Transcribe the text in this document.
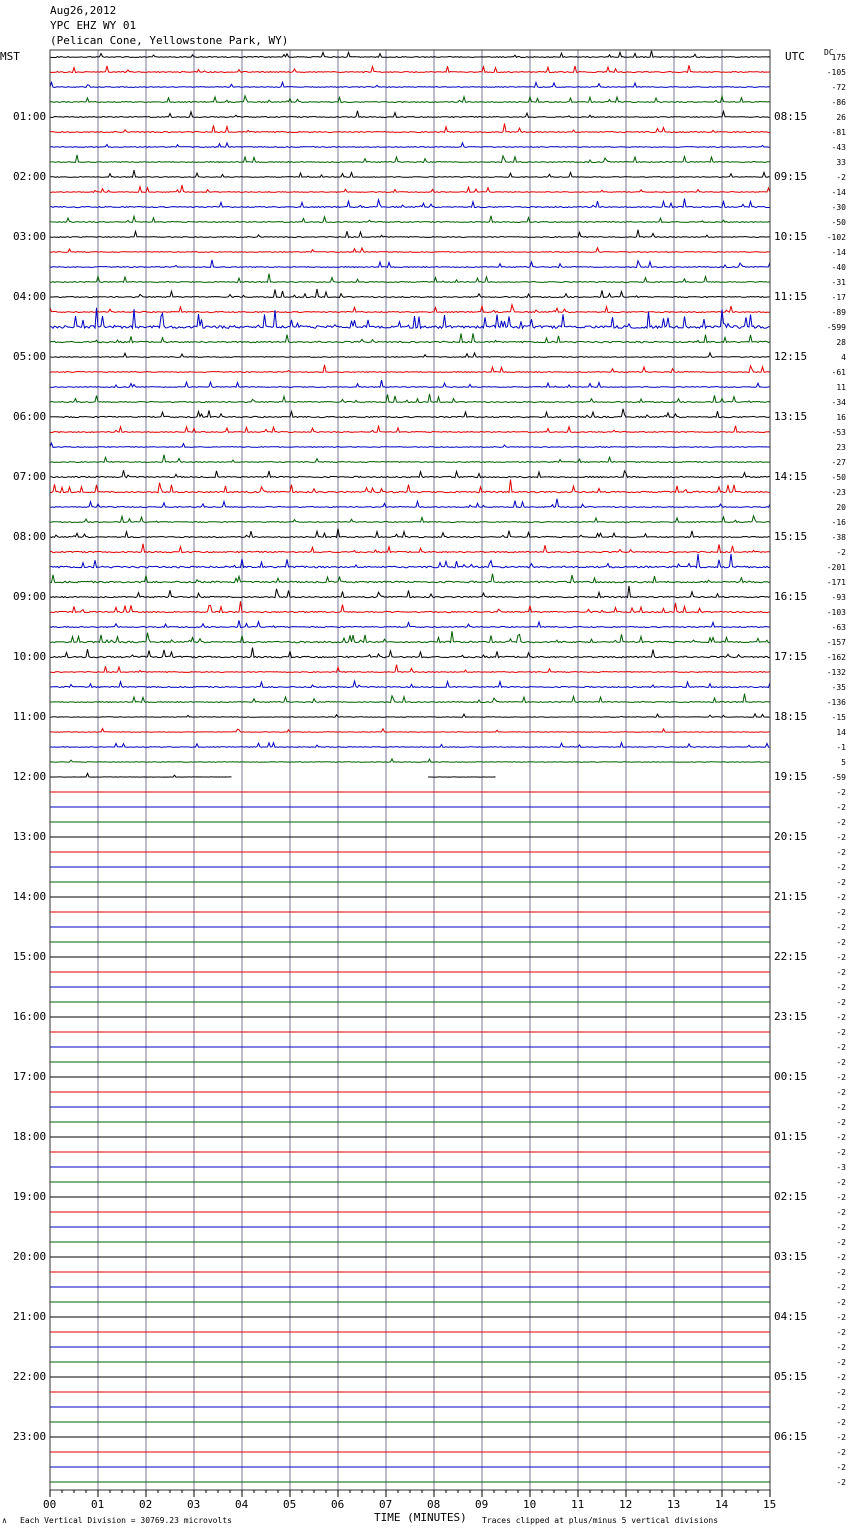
Aug26,2012
YPC EHZ WY 01
(Pelican Cone, Yellowstone Park, WY)
MST	UTC DC
01:00
02:00
03:00
04:00
05:00
06:00
07:00
08:00
09:00
10:00
11:00
12:00
13:00
14:00
15:00
16:00
17:00
18:00
19:00
20:00
21:00
22:00
23:00
08:15
09:15
10:15
11:15
12:15
13:15
14:15
15:15
16:15
17:15
18:15
19:15
20:15
21:15
22:15
23:15
00:15
01:15
02:15
03:15
04:15
05:15
06:15
175
-105
-72
-86
26
-81
-43
33
-2
-14
-30
-50
-102
-14
-40
-31
-17
-89
-599
28
4
-61
11
-34
16
-53
23
-27
-50
-23
20
-16
-38
-2
-201
-171
-93
-103
-63
-157
-162
-132
-35
-136
-15
14
-1
5
-59
-2
-2
-2
-2
-2
-2
-2
-2
-2
-2
-2
-2
-2
-2
-2
-2
-2
-2
-2
-2
-2
-2
-2
-2
-2
-3
-2
-2
-2
-2
-2
-2
-2
-2
-2
-2
-2
-2
-2
-2
-2
-2
-2
-2
-2
-2
-2
00	01	02	03	04	05	06	07	08	09	10	11	12	13	14	15
∧ Each Vertical Division = 30769.23 microvolts	TIME (MINUTES) Traces clipped at plus/minus 5 vertical divisions
